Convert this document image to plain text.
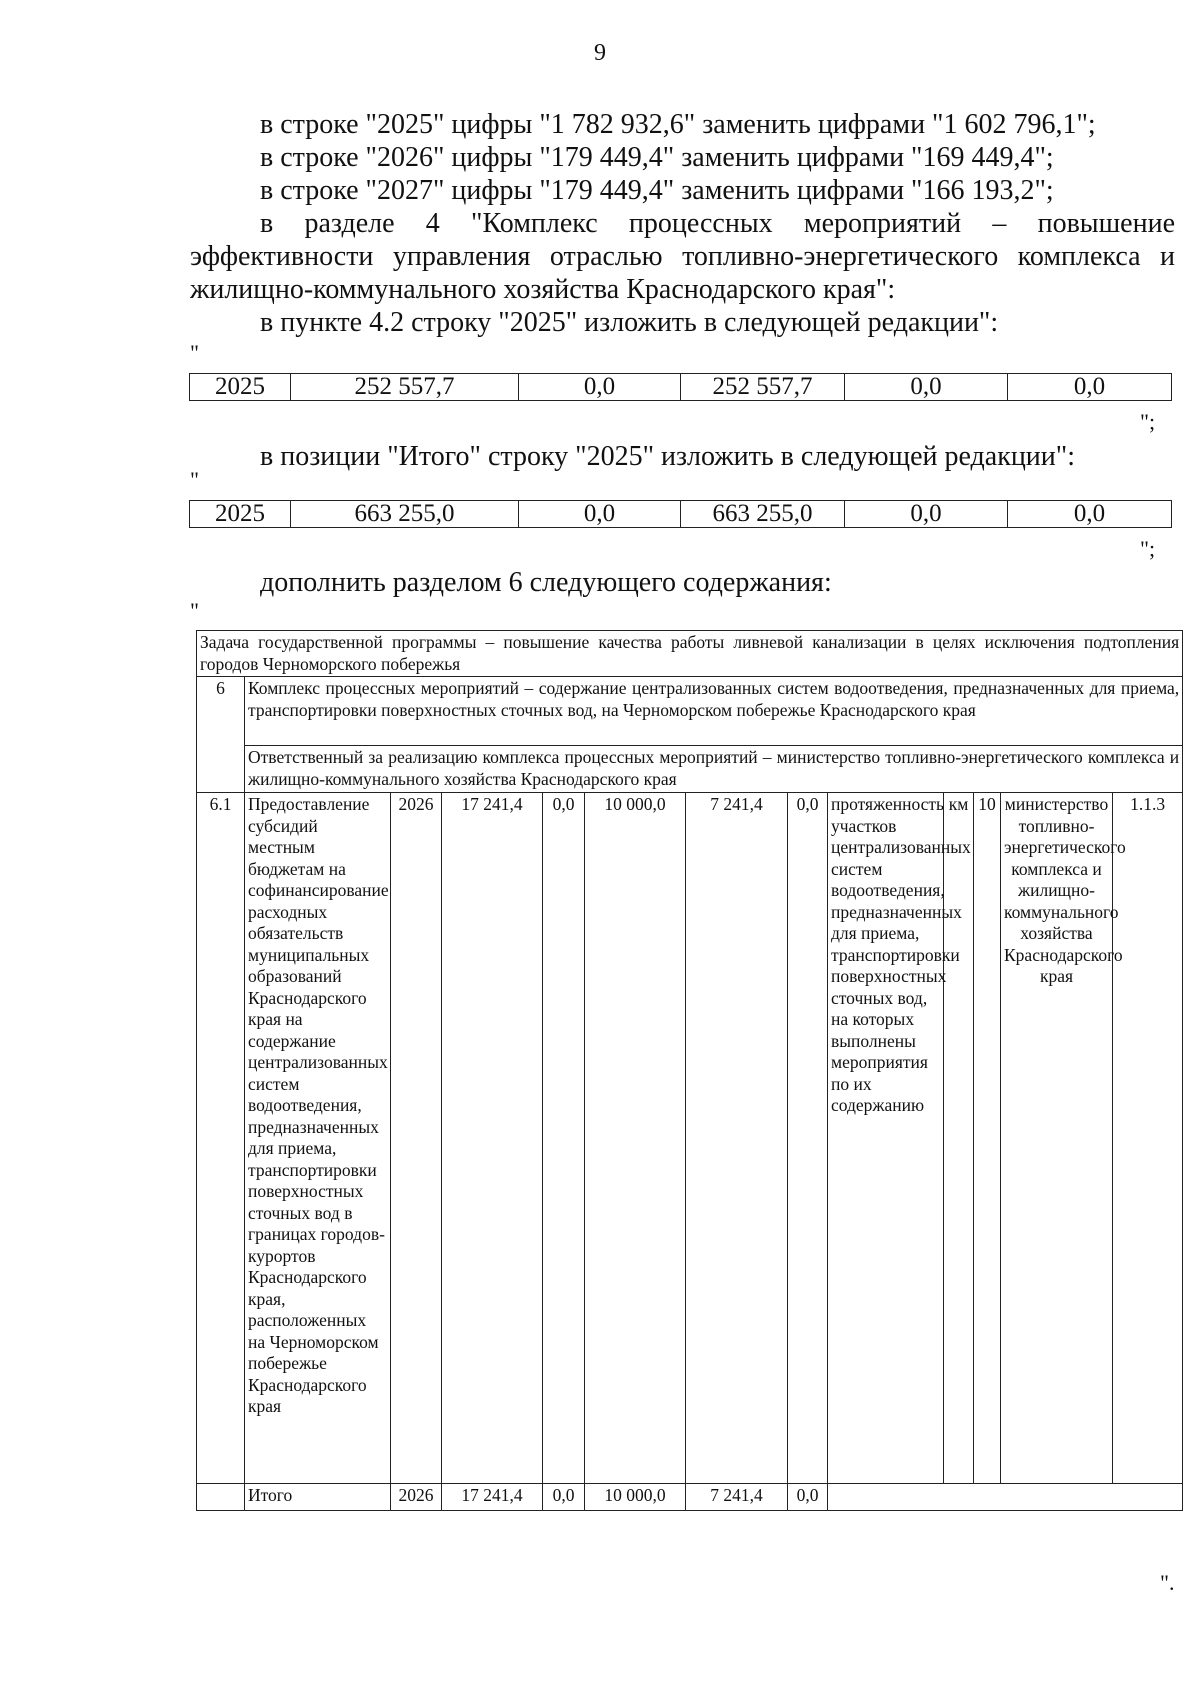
9
в строке "2025" цифры "1 782 932,6" заменить цифрами "1 602 796,1";
в строке "2026" цифры "179 449,4" заменить цифрами "169 449,4";
в строке "2027" цифры "179 449,4" заменить цифрами "166 193,2";
в разделе 4 "Комплекс процессных мероприятий – повышение эффективности управления отраслью топливно-энергетического комплекса и жилищно-коммунального хозяйства Краснодарского края":
в пункте 4.2 строку "2025" изложить в следующей редакции":
"
2025	252 557,7	0,0	252 557,7	0,0	0,0
";
в позиции "Итого" строку "2025" изложить в следующей редакции":
"
2025	663 255,0	0,0	663 255,0	0,0	0,0
";
дополнить разделом 6 следующего содержания:
"
Задача государственной программы – повышение качества работы ливневой канализации в целях исключения подтопления городов Черноморского побережья												
6	Комплекс процессных мероприятий – содержание централизованных систем водоотведения, предназначенных для приема, транспортировки поверхностных сточных вод, на Черноморском побережье Краснодарского края											
	Ответственный за реализацию комплекса процессных мероприятий – министерство топливно-энергетического комплекса и жилищно-коммунального хозяйства Краснодарского края											
6.1	Предоставление субсидий местным бюджетам на софинансирование расходных обязательств муниципальных образований Краснодарского края на содержание централизованных систем водоотведения, предназначенных для приема, транспортировки поверхностных сточных вод в границах городов-курортов Краснодарского края, расположенных на Черноморском побережье Краснодарского края	2026	17 241,4	0,0	10 000,0	7 241,4	0,0	протяженность участков централизованных систем водоотведения, предназначенных для приема, транспортировки поверхностных сточных вод, на которых выполнены мероприятия по их содержанию	км	10	министерство топливно-энергетического комплекса и жилищно-коммунального хозяйства Краснодарского края	1.1.3
	Итого	2026	17 241,4	0,0	10 000,0	7 241,4	0,0					
".
